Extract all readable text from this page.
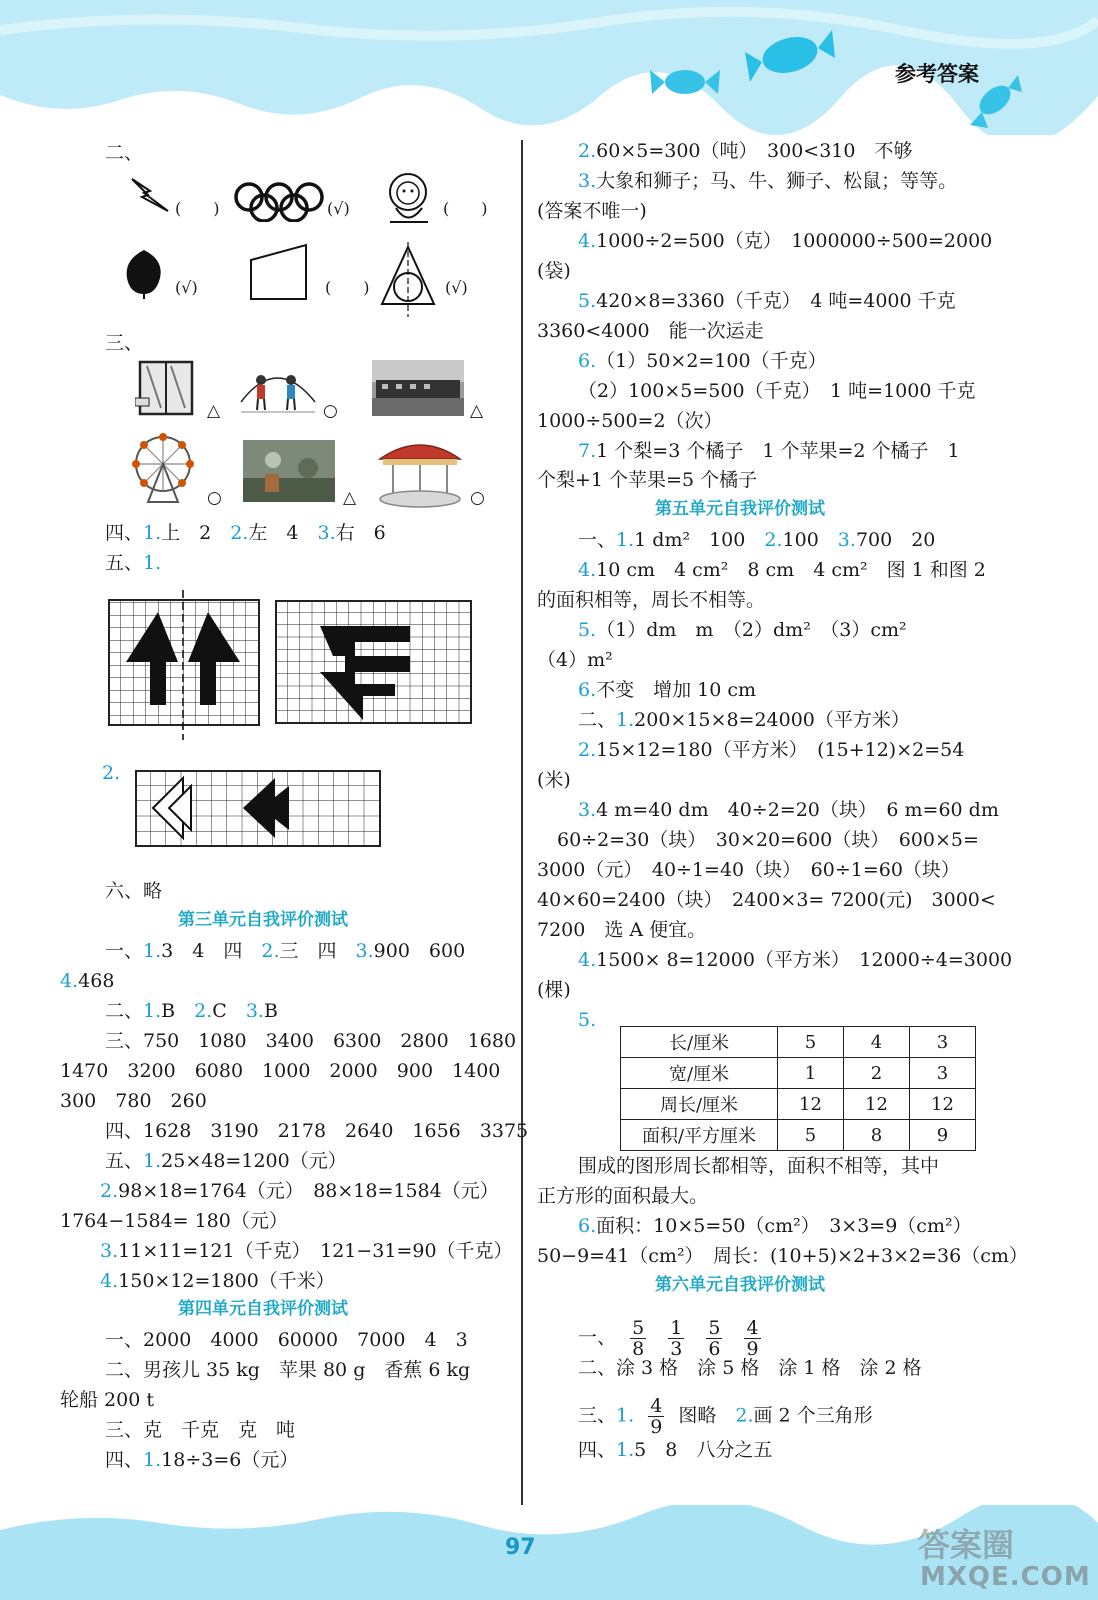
参考答案
97	答案圈
MXQE.COM
二、
(　　)	(√)	(　　)
(√)	(　　)	(√)
三、
△	○	△
○	△	○
四、1.上　2　 2.左　4　 3.右　6
五、1.
2.
六、略
第三单元自我评价测试
一、1.3　4　四　 2.三　四　 3.900　600
4.468
二、1.B　 2.C　 3.B
三、750　1080　3400　6300　2800　1680
1470　3200　6080　1000　2000　900　1400
300　780　260
四、1628　3190　2178　2640　1656　3375
五、1.25×48=1200（元）
2.98×18=1764（元）　88×18=1584（元）
1764−1584= 180（元）
3.11×11=121（千克）　121−31=90（千克）
4.150×12=1800（千米）
第四单元自我评价测试
一、2000　4000　60000　7000　4　3
二、男孩儿 35 kg　苹果 80 g　香蕉 6 kg
轮船 200 t
三、克　千克　克　吨
四、1.18÷3=6（元）
2.60×5=300（吨）　300<310　不够
3.大象和狮子；马、牛、狮子、松鼠；等等。
(答案不唯一)
4.1000÷2=500（克）　1000000÷500=2000
(袋)
5.420×8=3360（千克）　4 吨=4000 千克
3360<4000　能一次运走
6.（1）50×2=100（千克）
（2）100×5=500（千克）　1 吨=1000 千克
1000÷500=2（次）
7.1 个梨=3 个橘子　1 个苹果=2 个橘子　1
个梨+1 个苹果=5 个橘子
第五单元自我评价测试
一、1.1 dm²　100　 2.100　 3.700　20
4.10 cm　4 cm²　8 cm　4 cm²　图 1 和图 2
的面积相等，周长不相等。
5.（1）dm　m　（2）dm²　（3）cm²
（4）m²
6.不变　增加 10 cm
二、1.200×15×8=24000（平方米）
2.15×12=180（平方米）　(15+12)×2=54
(米)
3.4 m=40 dm　40÷2=20（块）　6 m=60 dm
60÷2=30（块）　30×20=600（块）　600×5=
3000（元）　40÷1=40（块）　60÷1=60（块）
40×60=2400（块）　2400×3= 7200(元)　3000<
7200　选 A 便宜。
4.1500× 8=12000（平方米）　12000÷4=3000
(棵)
5.
长/厘米	5	4	3
宽/厘米	1	2	3
周长/厘米	12	12	12
面积/平方厘米	5	8	9
围成的图形周长都相等，面积不相等，其中
正方形的面积最大。
6.面积：10×5=50（cm²）　3×3=9（cm²）
50−9=41（cm²）　周长：(10+5)×2+3×2=36（cm）
第六单元自我评价测试
一、 $\frac{5}{8}$
$\frac{1}{3}$
$\frac{5}{6}$
$\frac{4}{9}$
二、涂 3 格　涂 5 格　涂 1 格　涂 2 格
三、1. $\frac{4}{9}$ 图略　 2.画 2 个三角形
四、1.5　8　八分之五
